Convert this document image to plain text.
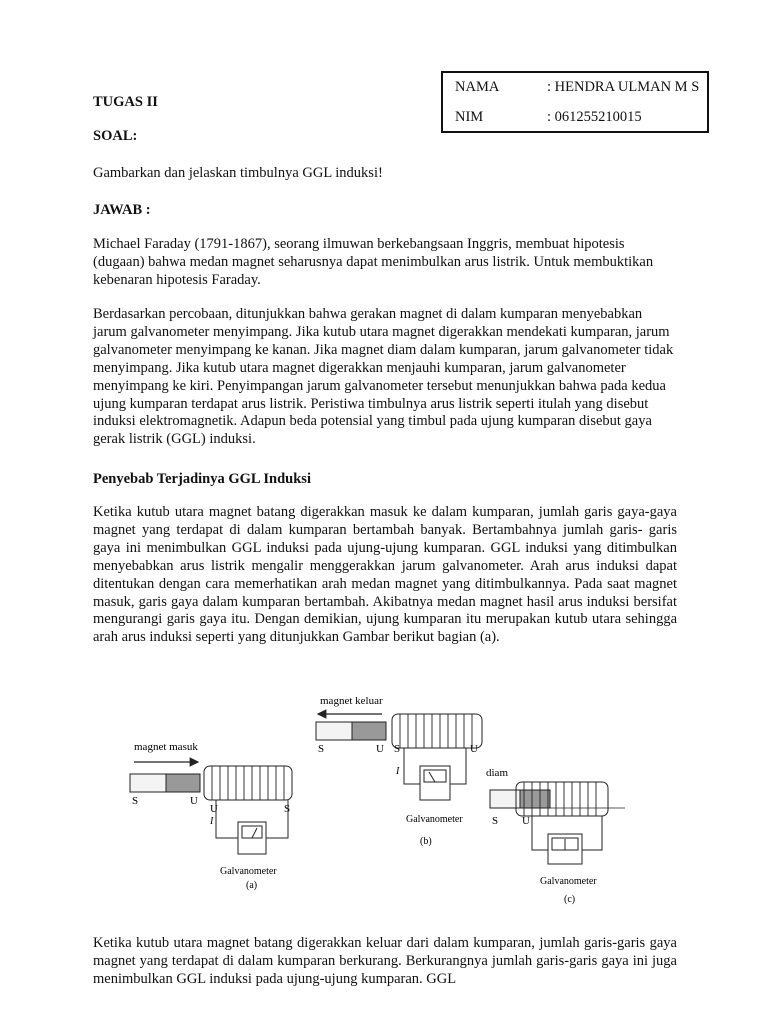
NAMA	: HENDRA ULMAN M S
NIM	: 061255210015
TUGAS II
SOAL:

Gambarkan dan jelaskan timbulnya GGL induksi!

JAWAB :

Michael Faraday (1791-1867), seorang ilmuwan berkebangsaan Inggris, membuat hipotesis (dugaan) bahwa medan magnet seharusnya dapat menimbulkan arus listrik. Untuk membuktikan kebenaran hipotesis Faraday.

Berdasarkan percobaan, ditunjukkan bahwa gerakan magnet di dalam kumparan menyebabkan jarum galvanometer menyimpang. Jika kutub utara magnet digerakkan mendekati kumparan, jarum galvanometer menyimpang ke kanan. Jika magnet diam dalam kumparan, jarum galvanometer tidak menyimpang. Jika kutub utara magnet digerakkan menjauhi kumparan, jarum galvanometer menyimpang ke kiri. Penyimpangan jarum galvanometer tersebut menunjukkan bahwa pada kedua ujung kumparan terdapat arus listrik. Peristiwa timbulnya arus listrik seperti itulah yang disebut induksi elektromagnetik. Adapun beda potensial yang timbul pada ujung kumparan disebut gaya gerak listrik (GGL) induksi.

Penyebab Terjadinya GGL Induksi

Ketika kutub utara magnet batang digerakkan masuk ke dalam kumparan, jumlah garis gaya-gaya magnet yang terdapat di dalam kumparan bertambah banyak. Bertambahnya jumlah garis- garis gaya ini menimbulkan GGL induksi pada ujung-ujung kumparan. GGL induksi yang ditimbulkan menyebabkan arus listrik mengalir menggerakkan jarum galvanometer. Arah arus induksi dapat ditentukan dengan cara memerhatikan arah medan magnet yang ditimbulkannya. Pada saat magnet masuk, garis gaya dalam kumparan bertambah. Akibatnya medan magnet hasil arus induksi bersifat mengurangi garis gaya itu. Dengan demikian, ujung kumparan itu merupakan kutub utara sehingga arah arus induksi seperti yang ditunjukkan Gambar berikut bagian (a).

magnet masuk
S	U
U	S
I
Galvanometer
(a)
magnet keluar
S	U S	U
I
Galvanometer
(b)
diam
S U
Galvanometer
(c)

Ketika kutub utara magnet batang digerakkan keluar dari dalam kumparan, jumlah garis-garis gaya magnet yang terdapat di dalam kumparan berkurang. Berkurangnya jumlah garis-garis gaya ini juga menimbulkan GGL induksi pada ujung-ujung kumparan. GGL
